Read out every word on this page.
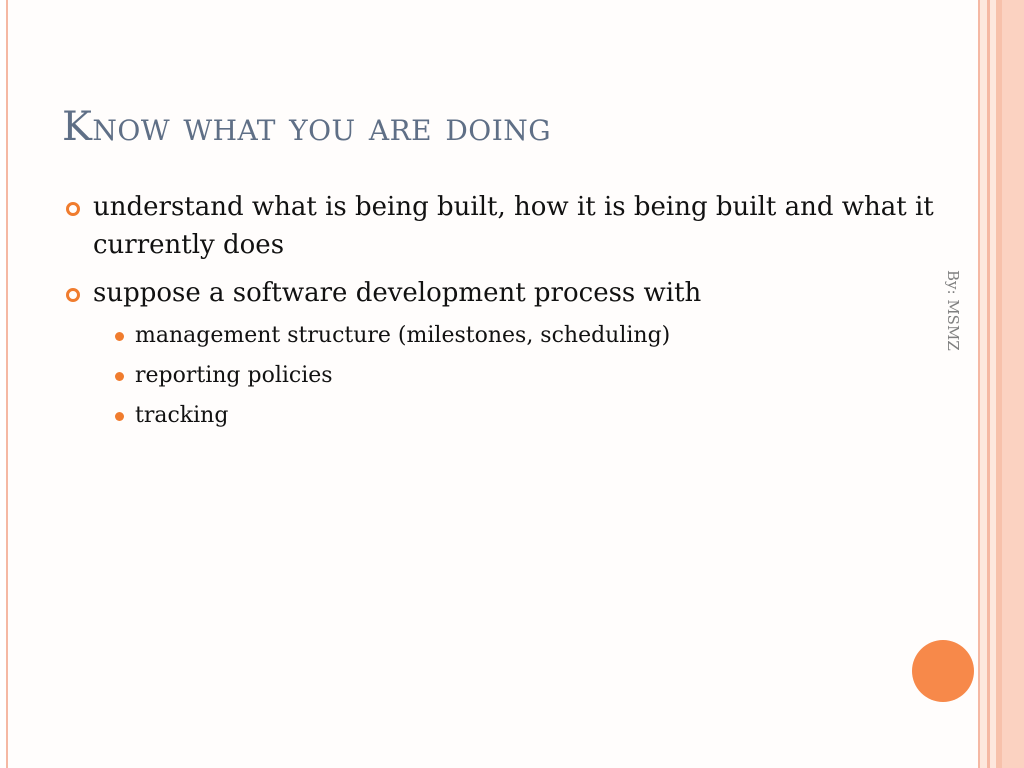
Know what you are doing
understand what is being built, how it is being built and what it currently does
suppose a software development process with
management structure (milestones, scheduling)
reporting policies
tracking
By: MSMZ
